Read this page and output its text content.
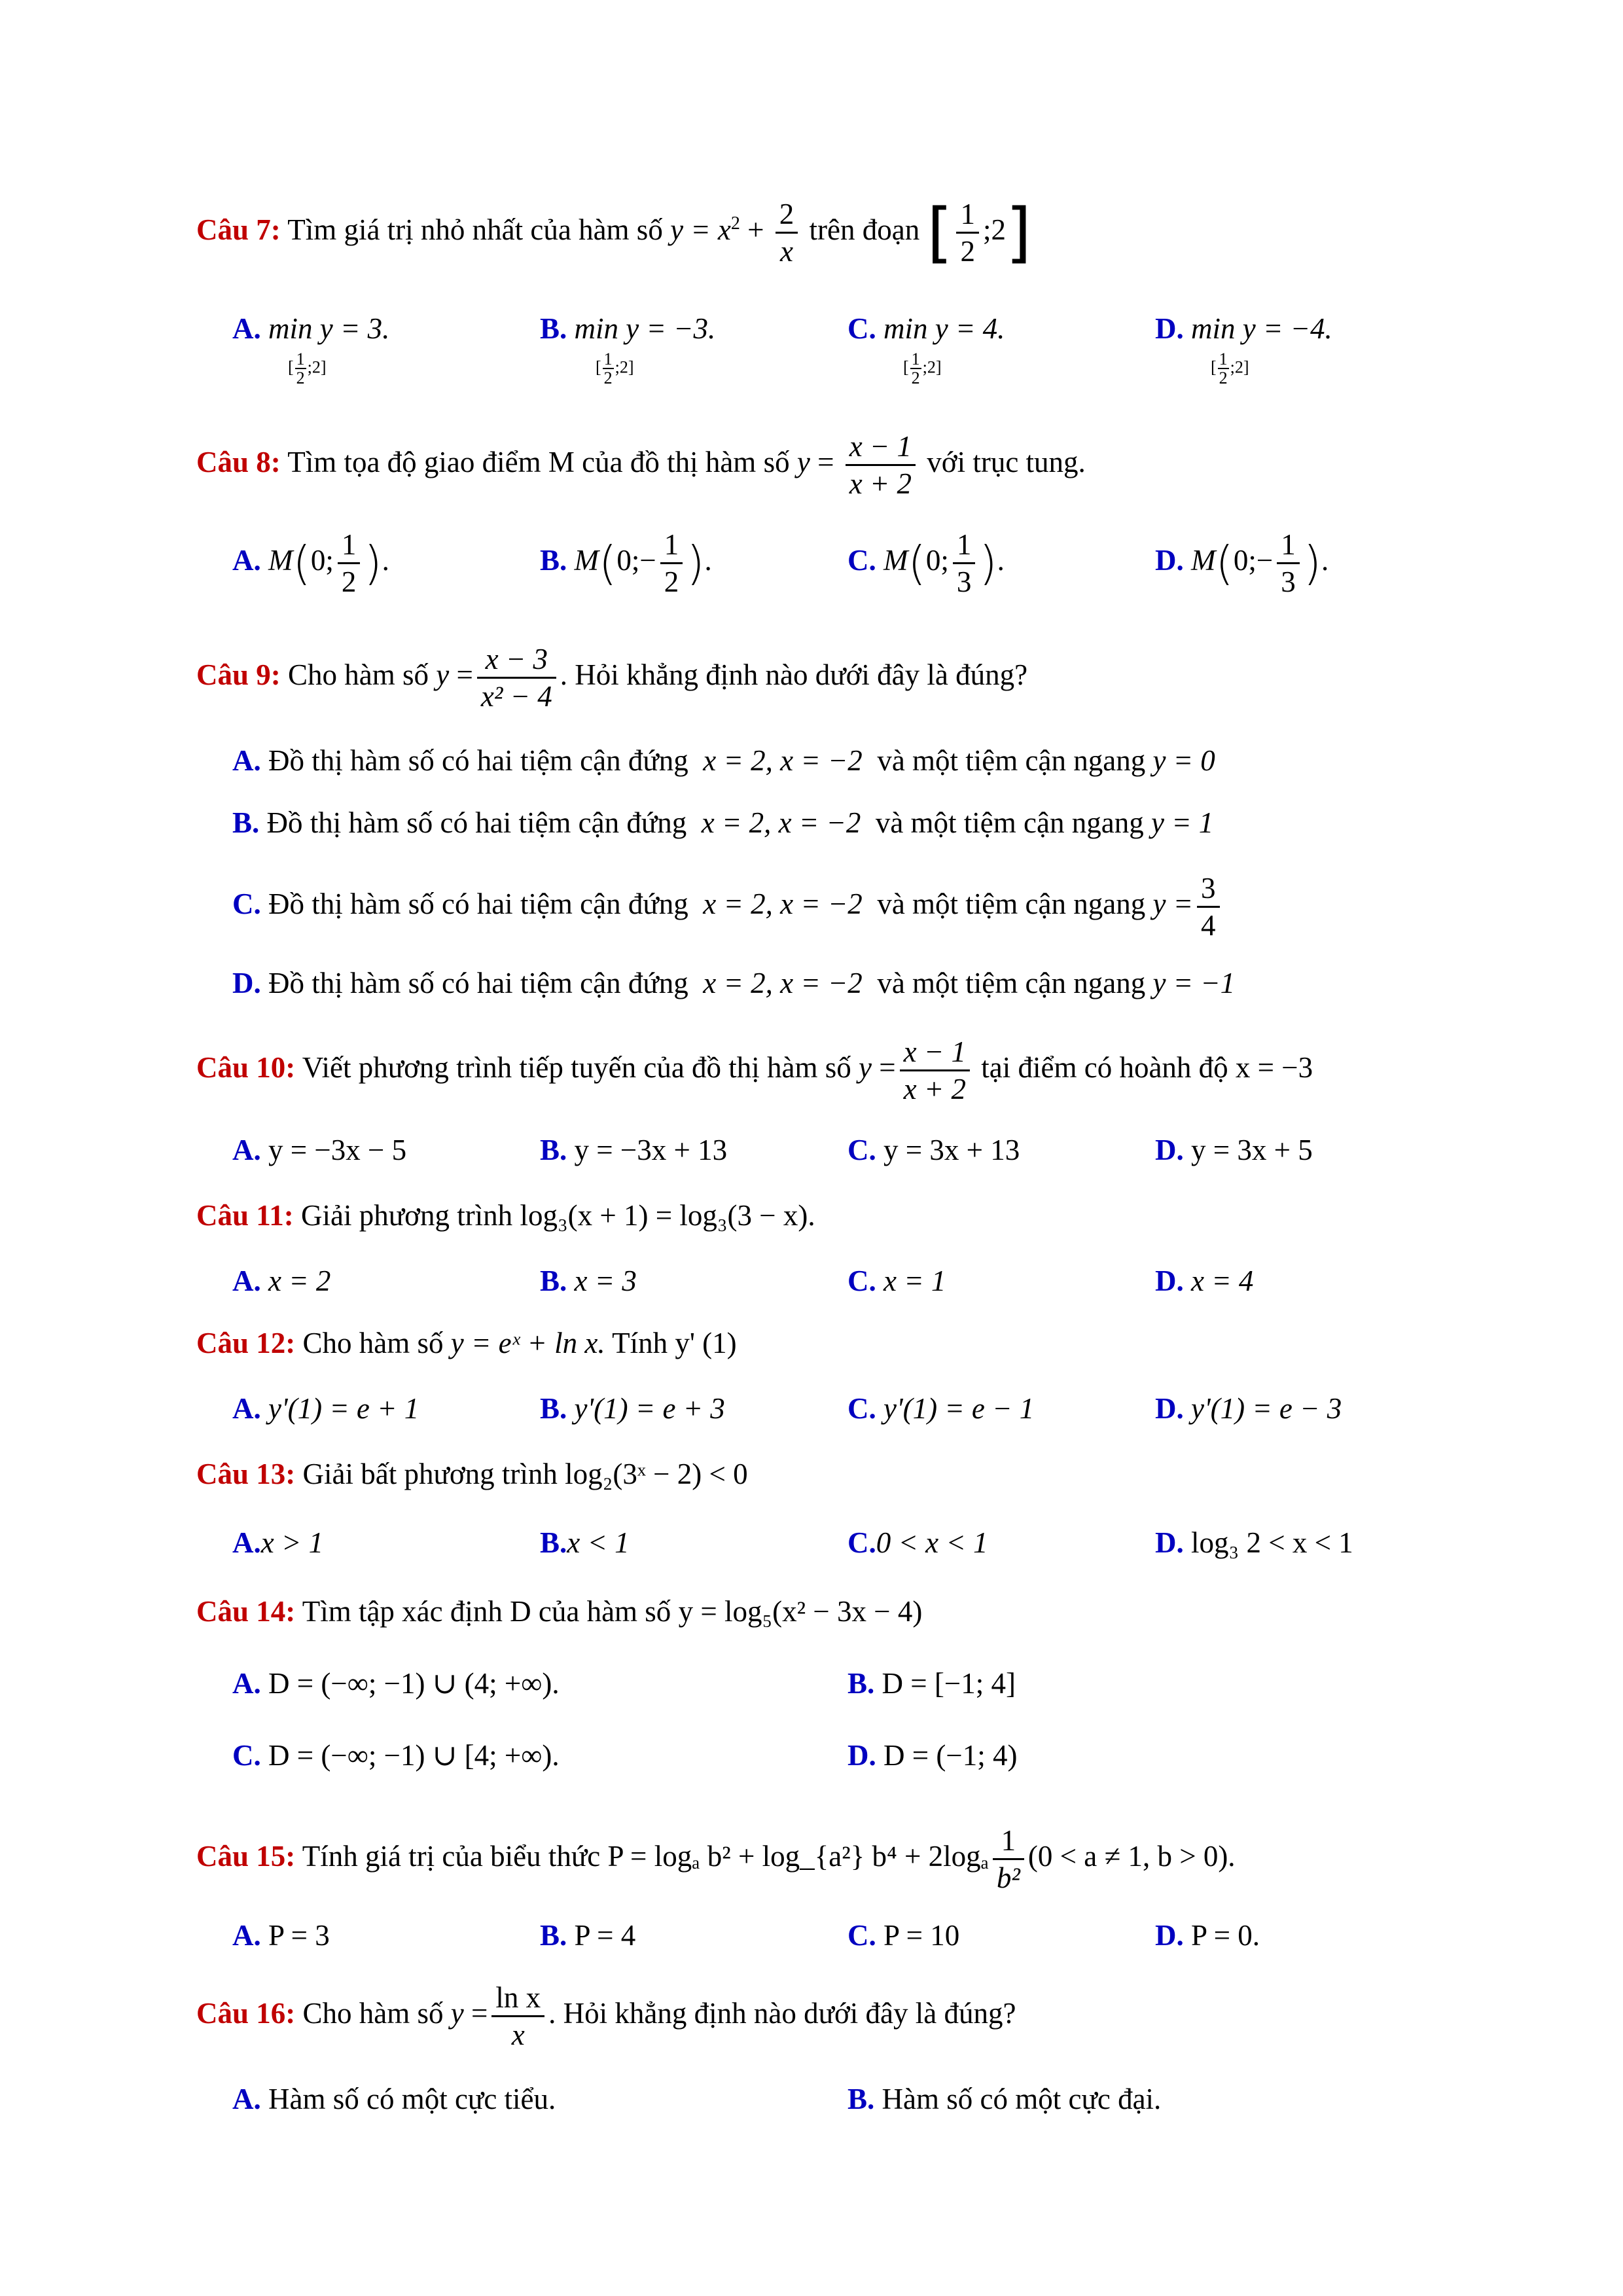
Câu 7: Tìm giá trị nhỏ nhất của hàm số $y = x^2 + \frac{2}{x}$ trên đoạn [ $\frac{1}{2}$ ;2]
A. min y = 3.	B. min y = −3.	C. min y = 4.	D. min y = −4.
[ $\frac{1}{2}$ ;2]	[ $\frac{1}{2}$ ;2]	[ $\frac{1}{2}$ ;2]	[ $\frac{1}{2}$ ;2]
Câu 8: Tìm tọa độ giao điểm M của đồ thị hàm số $y = \frac{x - 1}{x + 2}$ với trục tung.
A. M(0; $\frac{1}{2}$ ).	B. M(0;− $\frac{1}{2}$ ).	C. M(0; $\frac{1}{3}$ ).	D. M(0;− $\frac{1}{3}$ ).
Câu 9: Cho hàm số $y = \frac{x - 3}{\text{x² − 4}}$ . Hỏi khẳng định nào dưới đây là đúng?
A. Đồ thị hàm số có hai tiệm cận đứng x = 2, x = −2 và một tiệm cận ngang y = 0
B. Đồ thị hàm số có hai tiệm cận đứng x = 2, x = −2 và một tiệm cận ngang y = 1
C. Đồ thị hàm số có hai tiệm cận đứng x = 2, x = −2 và một tiệm cận ngang $y = \frac{3}{4}$
D. Đồ thị hàm số có hai tiệm cận đứng x = 2, x = −2 và một tiệm cận ngang y = −1
Câu 10: Viết phương trình tiếp tuyến của đồ thị hàm số $y = \frac{x - 1}{x + 2}$ tại điểm có hoành độ x = −3
A. y = −3x − 5	B. y = −3x + 13	C. y = 3x + 13	D. y = 3x + 5
Câu 11: Giải phương trình log₃(x + 1) = log₃(3 − x).
A. x = 2	B. x = 3	C. x = 1	D. x = 4
Câu 12: Cho hàm số y = eˣ + ln x. Tính y' (1)
A. y'(1) = e + 1	B. y'(1) = e + 3	C. y'(1) = e − 1	D. y'(1) = e − 3
Câu 13: Giải bất phương trình log₂(3ˣ − 2) < 0
A.x > 1	B.x < 1	C.0 < x < 1	D. log₃ 2 < x < 1
Câu 14: Tìm tập xác định D của hàm số y = log₅(x² − 3x − 4)
A. D = (−∞; −1) ∪ (4; +∞).	B. D = [−1; 4]
C. D = (−∞; −1) ∪ [4; +∞).	D. D = (−1; 4)
Câu 15: Tính giá trị của biểu thức P = logₐ b² + log_{a²} $b^4 + 2\log_a \frac{1}{\text{b²}} (0 < a \ne 1$, b > 0).
A. P = 3	B. P = 4	C. P = 10	D. P = 0.
Câu 16: Cho hàm số $y = \frac{\text{ln x}}{x}$ . Hỏi khẳng định nào dưới đây là đúng?
A. Hàm số có một cực tiểu.	B. Hàm số có một cực đại.
